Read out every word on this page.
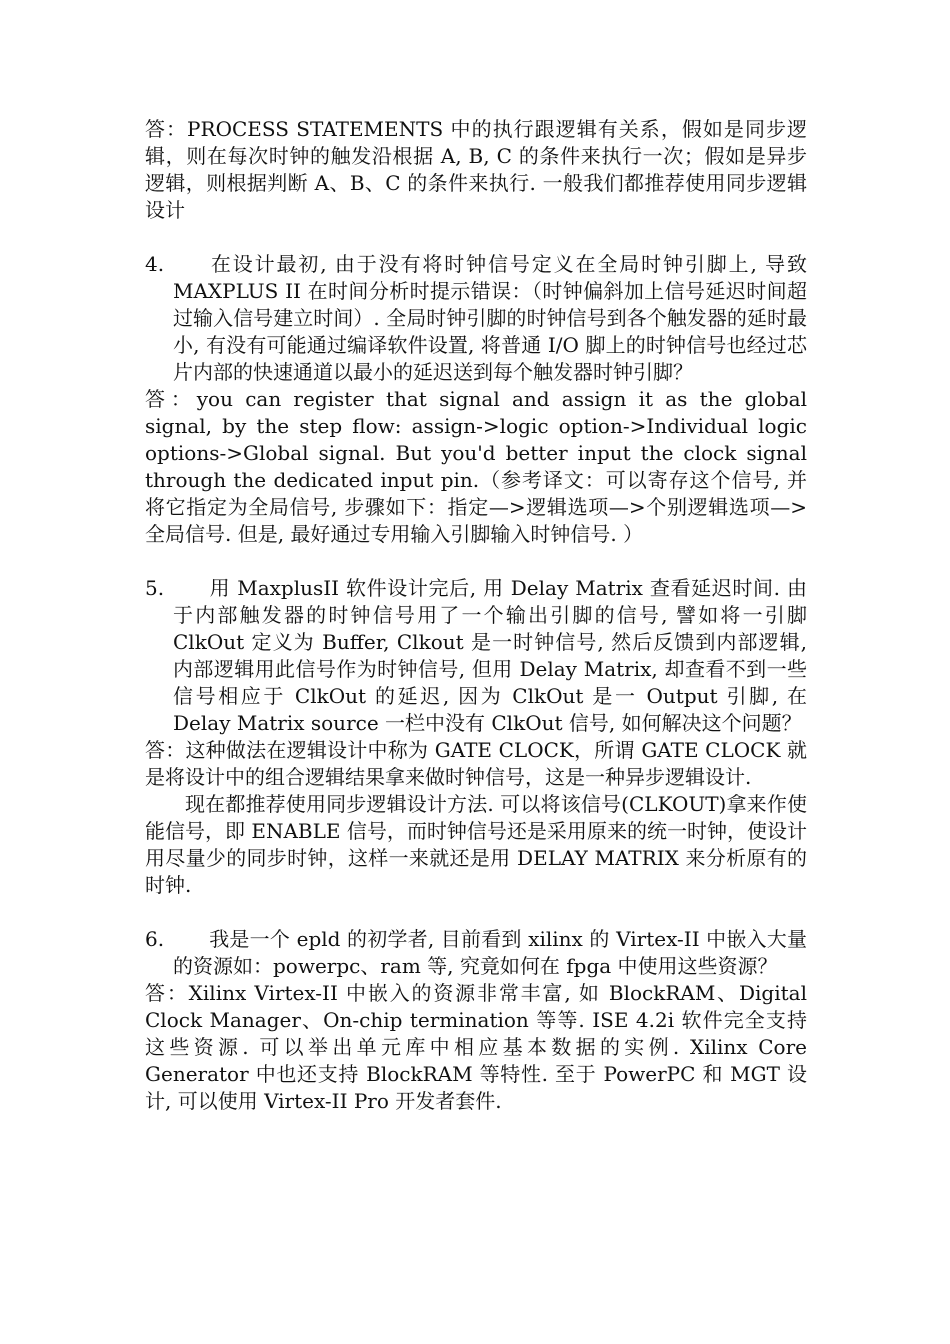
答：PROCESS STATEMENTS 中的执行跟逻辑有关系，假如是同步逻辑，则在每次时钟的触发沿根据 A, B, C 的条件来执行一次；假如是异步逻辑，则根据判断 A、B、C 的条件来执行. 一般我们都推荐使用同步逻辑设计

4. 在设计最初, 由于没有将时钟信号定义在全局时钟引脚上, 导致 MAXPLUS II 在时间分析时提示错误：（时钟偏斜加上信号延迟时间超过输入信号建立时间）. 全局时钟引脚的时钟信号到各个触发器的延时最小, 有没有可能通过编译软件设置, 将普通 I/O 脚上的时钟信号也经过芯片内部的快速通道以最小的延迟送到每个触发器时钟引脚？

答：you can register that signal and assign it as the global signal, by the step flow: assign->logic option->Individual logic options->Global signal. But you'd better input the clock signal through the dedicated input pin.（参考译文：可以寄存这个信号, 并将它指定为全局信号, 步骤如下：指定—>逻辑选项—>个别逻辑选项—>全局信号. 但是, 最好通过专用输入引脚输入时钟信号. ）

5. 用 MaxplusII 软件设计完后, 用 Delay Matrix 查看延迟时间. 由于内部触发器的时钟信号用了一个输出引脚的信号, 譬如将一引脚 ClkOut 定义为 Buffer, Clkout 是一时钟信号, 然后反馈到内部逻辑, 内部逻辑用此信号作为时钟信号, 但用 Delay Matrix, 却查看不到一些信号相应于 ClkOut 的延迟, 因为 ClkOut 是一 Output 引脚, 在 Delay Matrix source 一栏中没有 ClkOut 信号, 如何解决这个问题？

答：这种做法在逻辑设计中称为 GATE CLOCK，所谓 GATE CLOCK 就是将设计中的组合逻辑结果拿来做时钟信号，这是一种异步逻辑设计.

现在都推荐使用同步逻辑设计方法. 可以将该信号(CLKOUT)拿来作使能信号，即 ENABLE 信号，而时钟信号还是采用原来的统一时钟，使设计用尽量少的同步时钟，这样一来就还是用 DELAY MATRIX 来分析原有的时钟.

6. 我是一个 epld 的初学者, 目前看到 xilinx 的 Virtex-II 中嵌入大量的资源如：powerpc、ram 等, 究竟如何在 fpga 中使用这些资源？

答：Xilinx Virtex-II 中嵌入的资源非常丰富, 如 BlockRAM、Digital Clock Manager、On-chip termination 等等. ISE 4.2i 软件完全支持这些资源. 可以举出单元库中相应基本数据的实例. Xilinx Core Generator 中也还支持 BlockRAM 等特性. 至于 PowerPC 和 MGT 设计, 可以使用 Virtex-II Pro 开发者套件.
